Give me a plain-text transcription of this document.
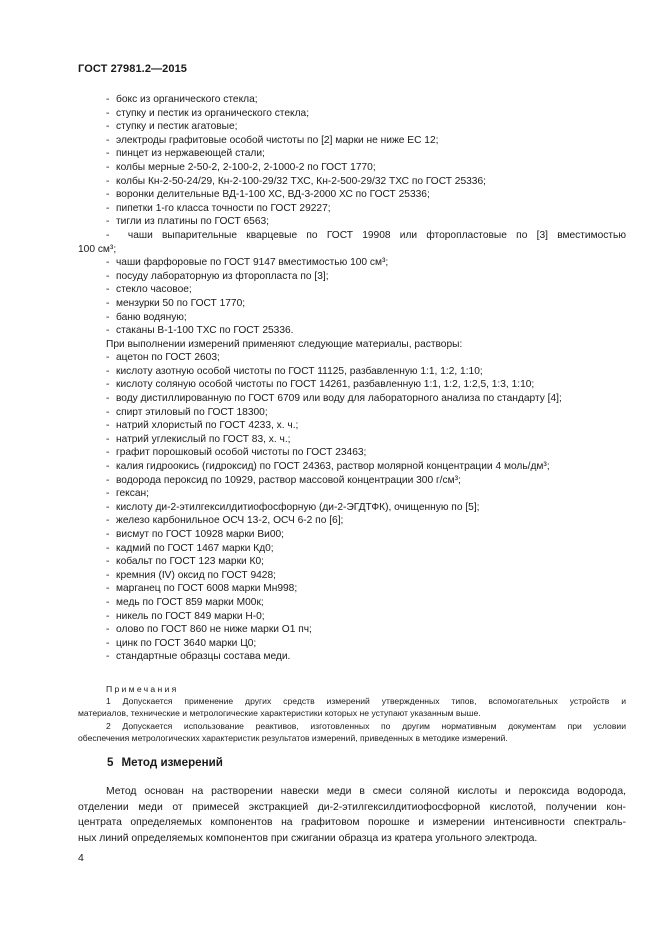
ГОСТ 27981.2—2015
- бокс из органического стекла;
- ступку и пестик из органического стекла;
- ступку и пестик агатовые;
- электроды графитовые особой чистоты по [2] марки не ниже ЕС 12;
- пинцет из нержавеющей стали;
- колбы мерные 2-50-2, 2-100-2, 2-1000-2 по ГОСТ 1770;
- колбы Кн-2-50-24/29, Кн-2-100-29/32 ТХС, Кн-2-500-29/32 ТХС по ГОСТ 25336;
- воронки делительные ВД-1-100 ХС, ВД-3-2000 ХС по ГОСТ 25336;
- пипетки 1-го класса точности по ГОСТ 29227;
- тигли из платины по ГОСТ 6563;
- чаши выпарительные кварцевые по ГОСТ 19908 или фторопластовые по [3] вместимостью
100 см³;
- чаши фарфоровые по ГОСТ 9147 вместимостью 100 см³;
- посуду лабораторную из фторопласта по [3];
- стекло часовое;
- мензурки 50 по ГОСТ 1770;
- баню водяную;
- стаканы В-1-100 ТХС по ГОСТ 25336.
При выполнении измерений применяют следующие материалы, растворы:
- ацетон по ГОСТ 2603;
- кислоту азотную особой чистоты по ГОСТ 11125, разбавленную 1:1, 1:2, 1:10;
- кислоту соляную особой чистоты по ГОСТ 14261, разбавленную 1:1, 1:2, 1:2,5, 1:3, 1:10;
- воду дистиллированную по ГОСТ 6709 или воду для лабораторного анализа по стандарту [4];
- спирт этиловый по ГОСТ 18300;
- натрий хлористый по ГОСТ 4233, х. ч.;
- натрий углекислый по ГОСТ 83, х. ч.;
- графит порошковый особой чистоты по ГОСТ 23463;
- калия гидроокись (гидроксид) по ГОСТ 24363, раствор молярной концентрации 4 моль/дм³;
- водорода пероксид по 10929, раствор массовой концентрации 300 г/см³;
- гексан;
- кислоту ди-2-этилгексилдитиофосфорную (ди-2-ЭГДТФК), очищенную по [5];
- железо карбонильное ОСЧ 13-2, ОСЧ 6-2 по [6];
- висмут по ГОСТ 10928 марки Ви00;
- кадмий по ГОСТ 1467 марки Кд0;
- кобальт по ГОСТ 123 марки К0;
- кремния (IV) оксид по ГОСТ 9428;
- марганец по ГОСТ 6008 марки Мн998;
- медь по ГОСТ 859 марки М00к;
- никель по ГОСТ 849 марки Н-0;
- олово по ГОСТ 860 не ниже марки О1 пч;
- цинк по ГОСТ 3640 марки Ц0;
- стандартные образцы состава меди.
Примечания
1 Допускается применение других средств измерений утвержденных типов, вспомогательных устройств и
материалов, технические и метрологические характеристики которых не уступают указанным выше.
2 Допускается использование реактивов, изготовленных по другим нормативным документам при условии
обеспечения метрологических характеристик результатов измерений, приведенных в методике измерений.
5 Метод измерений
Метод основан на растворении навески меди в смеси соляной кислоты и пероксида водорода,
отделении меди от примесей экстракцией ди-2-этилгексилдитиофосфорной кислотой, получении кон-
центрата определяемых компонентов на графитовом порошке и измерении интенсивности спектраль-
ных линий определяемых компонентов при сжигании образца из кратера угольного электрода.
4
